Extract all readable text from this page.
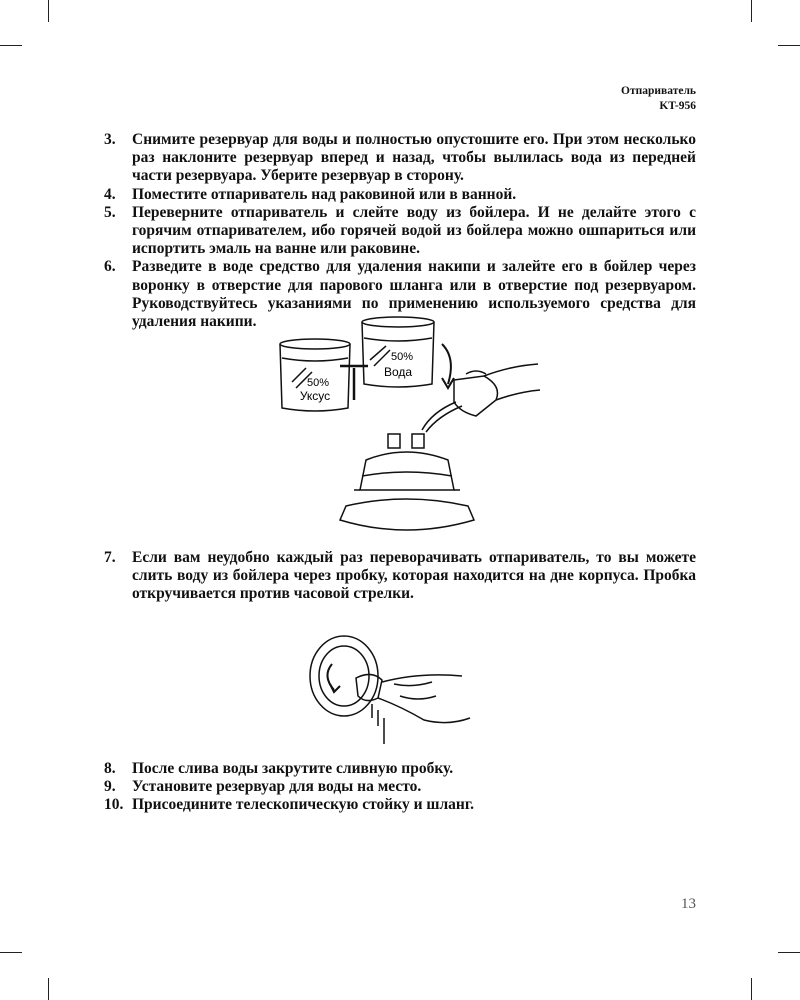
Отпариватель
KT-956
3. Снимите резервуар для воды и полностью опустошите его. При этом несколько раз наклоните резервуар вперед и назад, чтобы вылилась вода из передней части резервуара. Уберите резервуар в сторону.
4. Поместите отпариватель над раковиной или в ванной.
5. Переверните отпариватель и слейте воду из бойлера. И не делайте этого с горячим отпаривателем, ибо горячей водой из бойлера можно ошпариться или испортить эмаль на ванне или раковине.
6. Разведите в воде средство для удаления накипи и залейте его в бойлер через воронку в отверстие для парового шланга или в отверстие под резервуаром. Руководствуйтесь указаниями по применению используемого средства для удаления накипи.
50%
Уксус
50%
Вода
7. Если вам неудобно каждый раз переворачивать отпариватель, то вы можете слить воду из бойлера через пробку, которая находится на дне корпуса. Пробка откручивается против часовой стрелки.
8. После слива воды закрутите сливную пробку.
9. Установите резервуар для воды на место.
10. Присоедините телескопическую стойку и шланг.
13
